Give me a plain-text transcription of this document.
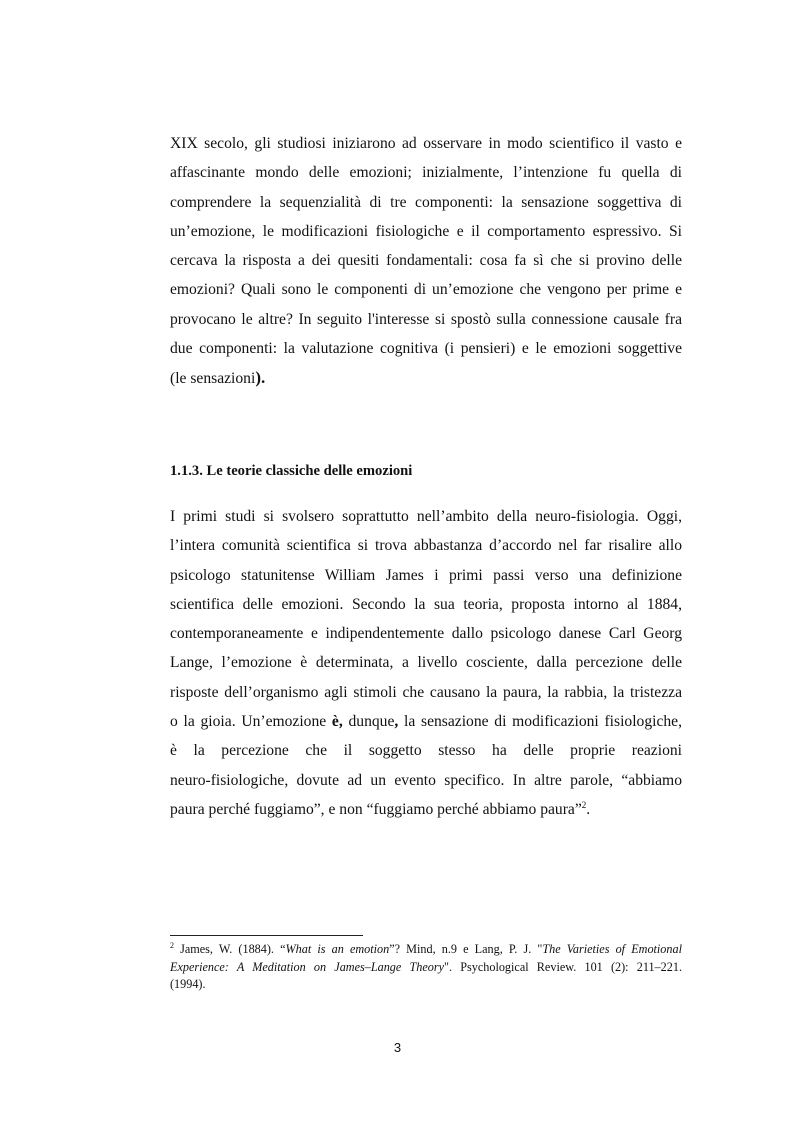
XIX secolo, gli studiosi iniziarono ad osservare in modo scientifico il vasto e

affascinante mondo delle emozioni; inizialmente, l’intenzione fu quella di

comprendere la sequenzialità di tre componenti: la sensazione soggettiva di

un’emozione, le modificazioni fisiologiche e il comportamento espressivo. Si

cercava la risposta a dei quesiti fondamentali: cosa fa sì che si provino delle

emozioni? Quali sono le componenti di un’emozione che vengono per prime e

provocano le altre? In seguito l'interesse si spostò sulla connessione causale fra

due componenti: la valutazione cognitiva (i pensieri) e le emozioni soggettive

(le sensazioni).

1.1.3. Le teorie classiche delle emozioni

I primi studi si svolsero soprattutto nell’ambito della neuro-fisiologia. Oggi,

l’intera comunità scientifica si trova abbastanza d’accordo nel far risalire allo

psicologo statunitense William James i primi passi verso una definizione

scientifica delle emozioni. Secondo la sua teoria, proposta intorno al 1884,

contemporaneamente e indipendentemente dallo psicologo danese Carl Georg

Lange, l’emozione è determinata, a livello cosciente, dalla percezione delle

risposte dell’organismo agli stimoli che causano la paura, la rabbia, la tristezza

o la gioia. Un’emozione è, dunque, la sensazione di modificazioni fisiologiche,

è la percezione che il soggetto stesso ha delle proprie reazioni

neuro-fisiologiche, dovute ad un evento specifico. In altre parole, “abbiamo

paura perché fuggiamo”, e non “fuggiamo perché abbiamo paura”$^2$.

$^2$ James, W. (1884). “What is an emotion”? Mind, n.9 e Lang, P. J. "The Varieties of Emotional

Experience: A Meditation on James–Lange Theory". Psychological Review. 101 (2): 211–221.

(1994).

3
